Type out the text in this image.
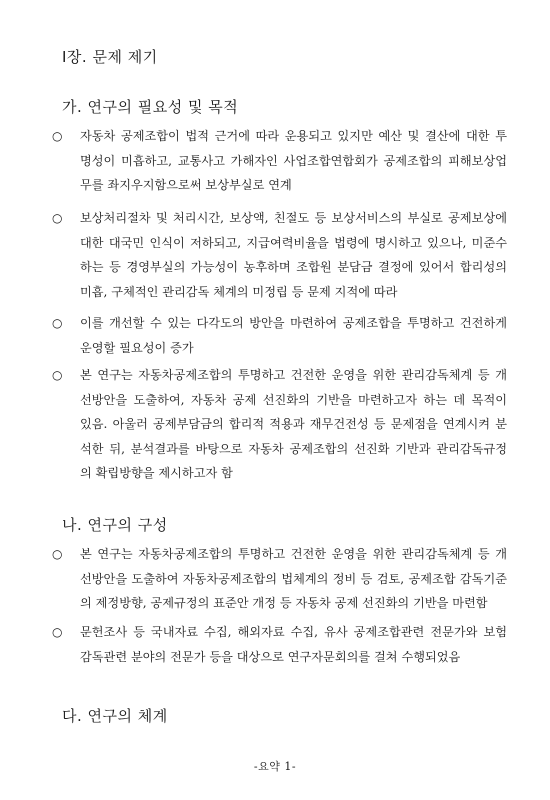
Ⅰ장. 문제 제기
가. 연구의 필요성 및 목적
○ 자동차 공제조합이 법적 근거에 따라 운용되고 있지만 예산 및 결산에 대한 투
명성이 미흡하고, 교통사고 가해자인 사업조합연합회가 공제조합의 피해보상업
무를 좌지우지함으로써 보상부실로 연계
○ 보상처리절차 및 처리시간, 보상액, 친절도 등 보상서비스의 부실로 공제보상에
대한 대국민 인식이 저하되고, 지급여력비율을 법령에 명시하고 있으나, 미준수
하는 등 경영부실의 가능성이 농후하며 조합원 분담금 결정에 있어서 합리성의
미흡, 구체적인 관리감독 체계의 미정립 등 문제 지적에 따라
○ 이를 개선할 수 있는 다각도의 방안을 마련하여 공제조합을 투명하고 건전하게
운영할 필요성이 증가
○ 본 연구는 자동차공제조합의 투명하고 건전한 운영을 위한 관리감독체계 등 개
선방안을 도출하여, 자동차 공제 선진화의 기반을 마련하고자 하는 데 목적이
있음. 아울러 공제부담금의 합리적 적용과 재무건전성 등 문제점을 연계시켜 분
석한 뒤, 분석결과를 바탕으로 자동차 공제조합의 선진화 기반과 관리감독규정
의 확립방향을 제시하고자 함
나. 연구의 구성
○ 본 연구는 자동차공제조합의 투명하고 건전한 운영을 위한 관리감독체계 등 개
선방안을 도출하여 자동차공제조합의 법체계의 정비 등 검토, 공제조합 감독기준
의 제정방향, 공제규정의 표준안 개정 등 자동차 공제 선진화의 기반을 마련함
○ 문헌조사 등 국내자료 수집, 해외자료 수집, 유사 공제조합관련 전문가와 보험
감독관련 분야의 전문가 등을 대상으로 연구자문회의를 걸쳐 수행되었음
다. 연구의 체계
-요약 1-
